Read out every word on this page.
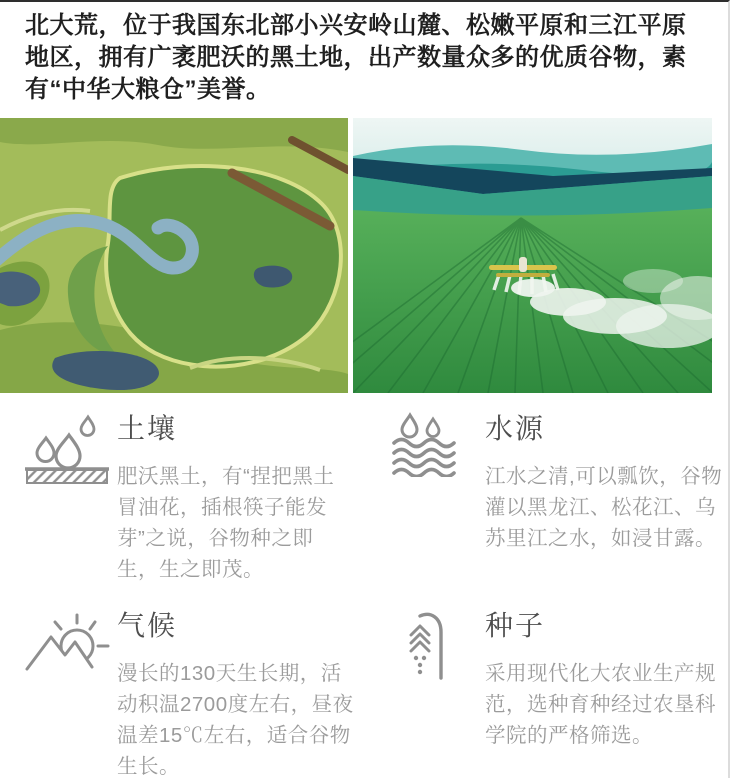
北大荒，位于我国东北部小兴安岭山麓、松嫩平原和三江平原地区，拥有广袤肥沃的黑土地，出产数量众多的优质谷物，素有“中华大粮仓”美誉。

土壤
肥沃黑土，有“捏把黑土冒油花，插根筷子能发芽”之说，谷物种之即生，生之即茂。
水源
江水之清,可以瓢饮，谷物灌以黑龙江、松花江、乌苏里江之水，如浸甘露。
气候
漫长的130天生长期，活动积温2700度左右，昼夜温差15℃左右，适合谷物生长。
种子
采用现代化大农业生产规范，选种育种经过农垦科学院的严格筛选。
